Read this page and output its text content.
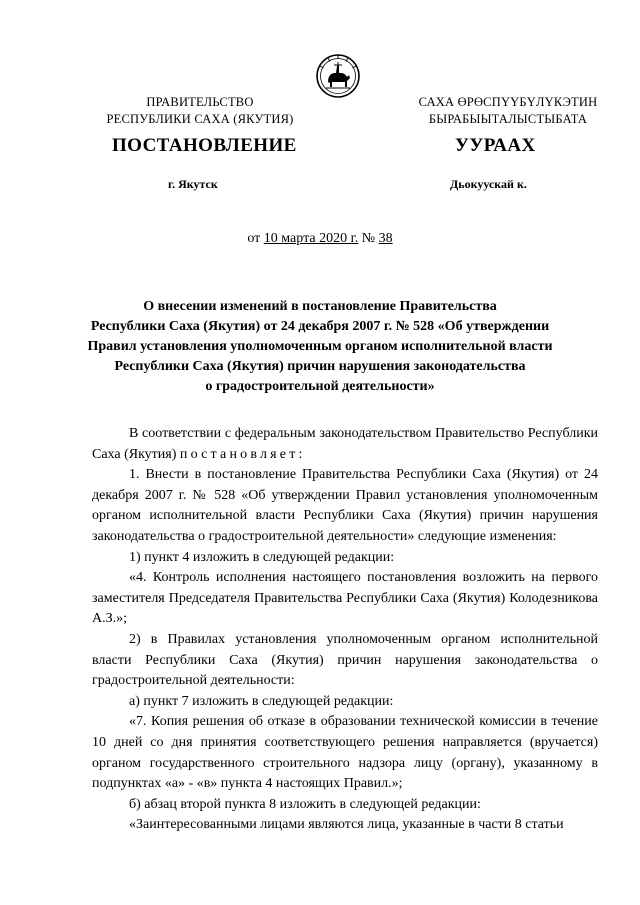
ПРАВИТЕЛЬСТВО
РЕСПУБЛИКИ САХА (ЯКУТИЯ)
САХА ӨРӨСПҮҮБҮЛҮКЭТИН
БЫРАБЫЫТАЛЫСТЫБАТА
ПОСТАНОВЛЕНИЕ	УУРААХ
г. Якутск	Дьокуускай к.
от 10 марта 2020 г. № 38
О внесении изменений в постановление Правительства
Республики Саха (Якутия) от 24 декабря 2007 г. № 528 «Об утверждении
Правил установления уполномоченным органом исполнительной власти
Республики Саха (Якутия) причин нарушения законодательства
о градостроительной деятельности»

В соответствии с федеральным законодательством Правительство Республики Саха (Якутия) постановляет:

1. Внести в постановление Правительства Республики Саха (Якутия) от 24 декабря 2007 г. № 528 «Об утверждении Правил установления уполномоченным органом исполнительной власти Республики Саха (Якутия) причин нарушения законодательства о градостроительной деятельности» следующие изменения:

1) пункт 4 изложить в следующей редакции:

«4. Контроль исполнения настоящего постановления возложить на первого заместителя Председателя Правительства Республики Саха (Якутия) Колодезникова А.З.»;

2) в Правилах установления уполномоченным органом исполнительной власти Республики Саха (Якутия) причин нарушения законодательства о градостроительной деятельности:

а) пункт 7 изложить в следующей редакции:

«7. Копия решения об отказе в образовании технической комиссии в течение 10 дней со дня принятия соответствующего решения направляется (вручается) органом государственного строительного надзора лицу (органу), указанному в подпунктах «а» - «в» пункта 4 настоящих Правил.»;

б) абзац второй пункта 8 изложить в следующей редакции:

«Заинтересованными лицами являются лица, указанные в части 8 статьи
